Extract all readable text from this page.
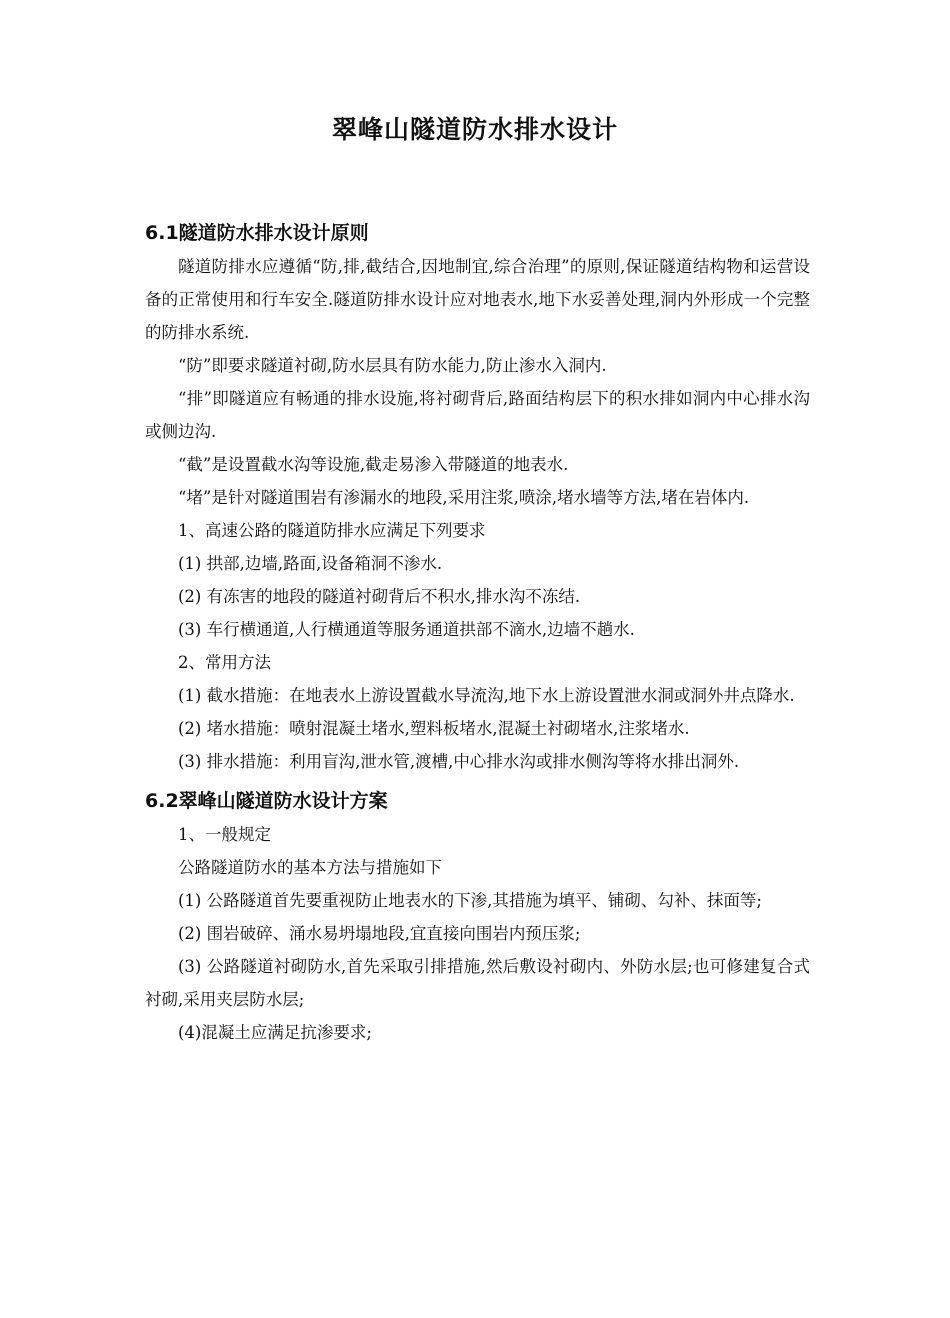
翠峰山隧道防水排水设计
6.1隧道防水排水设计原则

隧道防排水应遵循“防,排,截结合,因地制宜,综合治理”的原则,保证隧道结构物和运营设备的正常使用和行车安全.隧道防排水设计应对地表水,地下水妥善处理,洞内外形成一个完整的防排水系统.

“防”即要求隧道衬砌,防水层具有防水能力,防止渗水入洞内.

“排”即隧道应有畅通的排水设施,将衬砌背后,路面结构层下的积水排如洞内中心排水沟或侧边沟.

“截”是设置截水沟等设施,截走易渗入带隧道的地表水.

“堵”是针对隧道围岩有渗漏水的地段,采用注浆,喷涂,堵水墙等方法,堵在岩体内.

1、高速公路的隧道防排水应满足下列要求

(1) 拱部,边墙,路面,设备箱洞不渗水.

(2) 有冻害的地段的隧道衬砌背后不积水,排水沟不冻结.

(3) 车行横通道,人行横通道等服务通道拱部不滴水,边墙不趟水.

2、常用方法

(1) 截水措施：在地表水上游设置截水导流沟,地下水上游设置泄水洞或洞外井点降水.

(2) 堵水措施：喷射混凝土堵水,塑料板堵水,混凝土衬砌堵水,注浆堵水.

(3) 排水措施：利用盲沟,泄水管,渡槽,中心排水沟或排水侧沟等将水排出洞外.

6.2翠峰山隧道防水设计方案

1、一般规定

公路隧道防水的基本方法与措施如下

(1) 公路隧道首先要重视防止地表水的下渗,其措施为填平、铺砌、勾补、抹面等;

(2) 围岩破碎、涌水易坍塌地段,宜直接向围岩内预压浆;

(3) 公路隧道衬砌防水,首先采取引排措施,然后敷设衬砌内、外防水层;也可修建复合式衬砌,采用夹层防水层;

(4)混凝土应满足抗渗要求;
